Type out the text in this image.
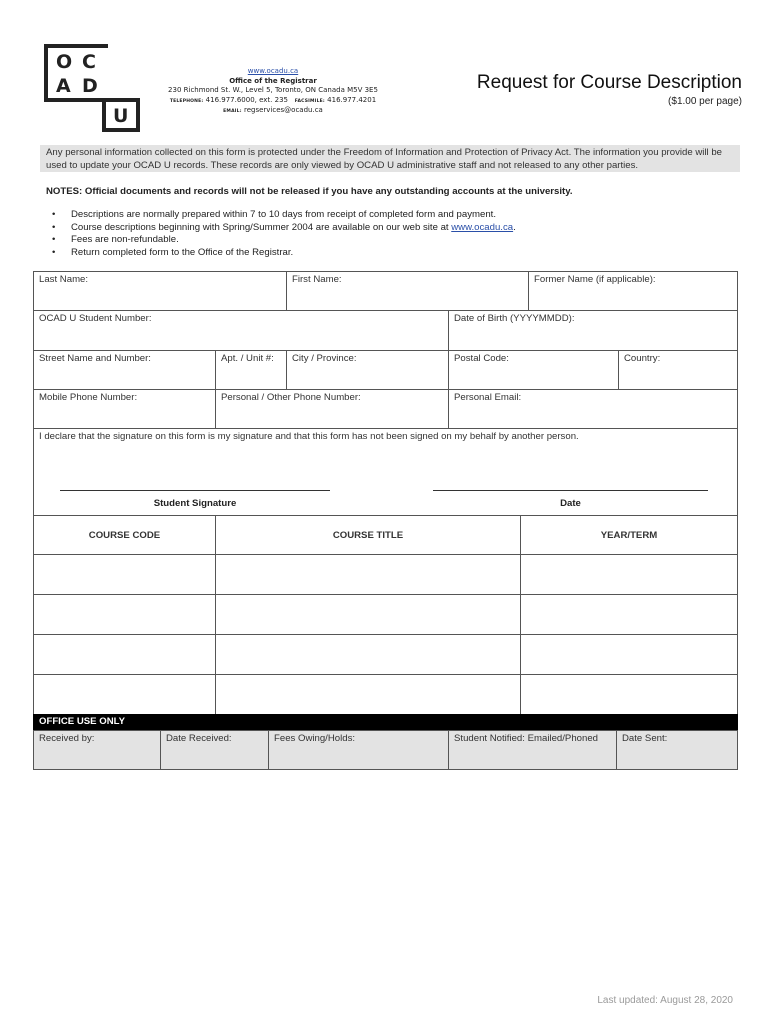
O C
A D
U
www.ocadu.ca
Office of the Registrar
230 Richmond St. W., Level 5, Toronto, ON Canada M5V 3E5
TELEPHONE: 416.977.6000, ext. 235 FACSIMILE: 416.977.4201
EMAIL: regservices@ocadu.ca
Request for Course Description
($1.00 per page)
Any personal information collected on this form is protected under the Freedom of Information and Protection of Privacy Act. The information you provide will be used to update your OCAD U records. These records are only viewed by OCAD U administrative staff and not released to any other parties.
NOTES: Official documents and records will not be released if you have any outstanding accounts at the university.
• Descriptions are normally prepared within 7 to 10 days from receipt of completed form and payment.
• Course descriptions beginning with Spring/Summer 2004 are available on our web site at www.ocadu.ca.
• Fees are non-refundable.
• Return completed form to the Office of the Registrar.
Last Name:	First Name:	Former Name (if applicable):
OCAD U Student Number:	Date of Birth (YYYYMMDD):
Street Name and Number:	Apt. / Unit #:	City / Province:	Postal Code:	Country:
Mobile Phone Number:	Personal / Other Phone Number:	Personal Email:
I declare that the signature on this form is my signature and that this form has not been signed on my behalf by another person.
Student Signature	Date
COURSE CODE	COURSE TITLE	YEAR/TERM
OFFICE USE ONLY
Received by:	Date Received:	Fees Owing/Holds:	Student Notified: Emailed/Phoned	Date Sent:
Last updated: August 28, 2020
